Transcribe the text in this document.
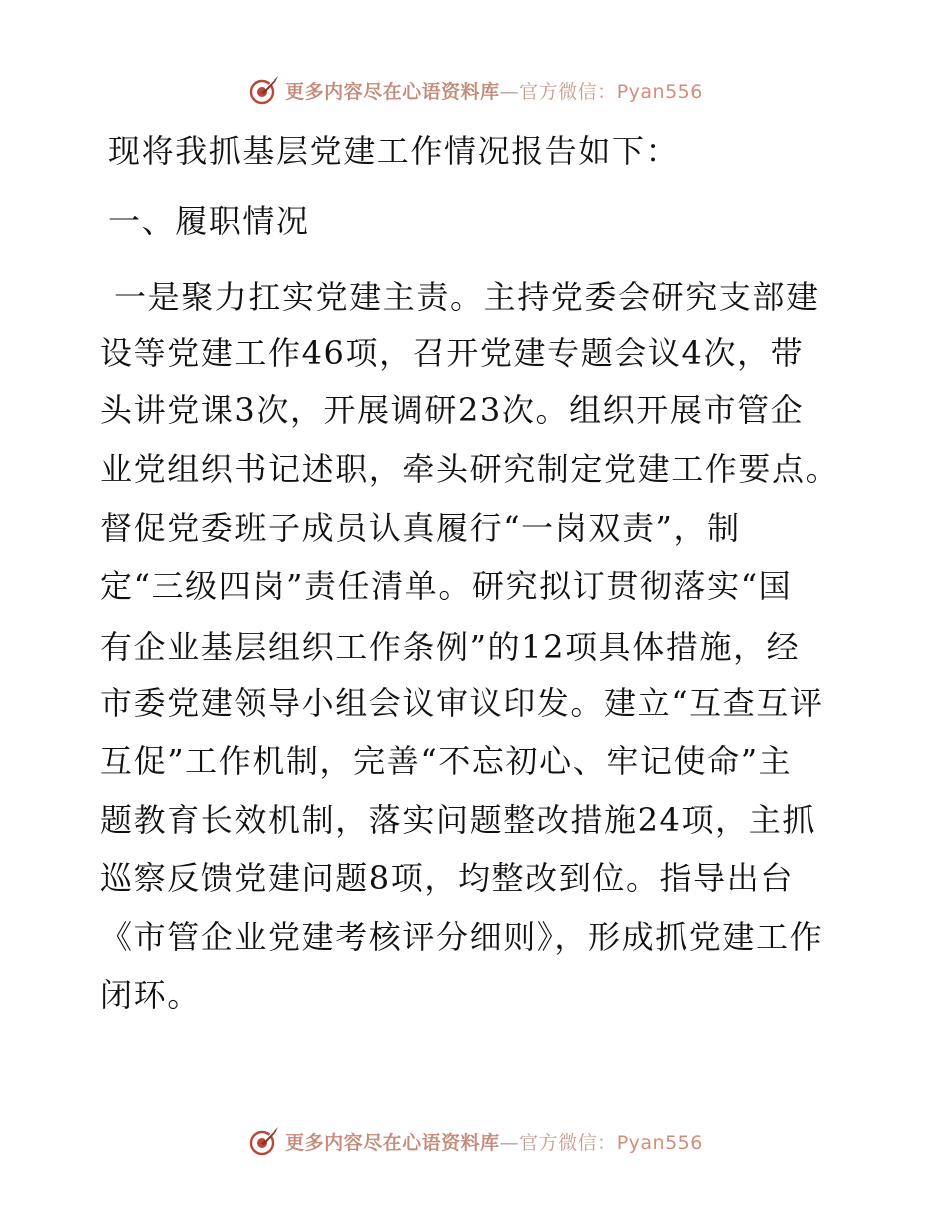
更多内容尽在心语资料库—官方微信：Pyan556
现将我抓基层党建工作情况报告如下：
一、履职情况
一是聚力扛实党建主责。主持党委会研究支部建
设等党建工作46项，召开党建专题会议4次，带
头讲党课3次，开展调研23次。组织开展市管企
业党组织书记述职，牵头研究制定党建工作要点。
督促党委班子成员认真履行“一岗双责”，制
定“三级四岗”责任清单。研究拟订贯彻落实“国
有企业基层组织工作条例”的12项具体措施，经
市委党建领导小组会议审议印发。建立“互查互评
互促”工作机制，完善“不忘初心、牢记使命”主
题教育长效机制，落实问题整改措施24项，主抓
巡察反馈党建问题8项，均整改到位。指导出台
《市管企业党建考核评分细则》，形成抓党建工作
闭环。
更多内容尽在心语资料库—官方微信：Pyan556
